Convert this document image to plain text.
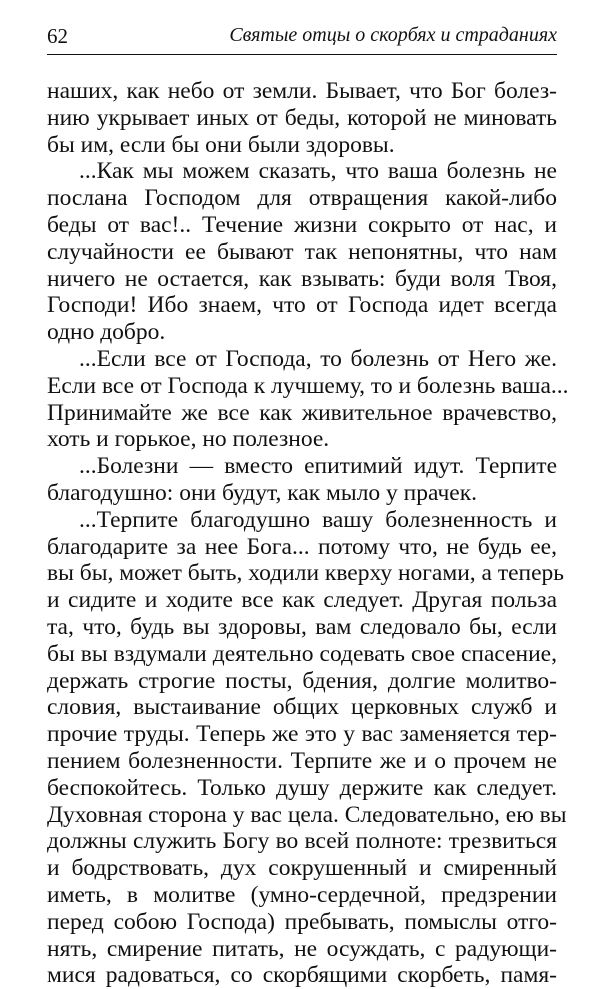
62	Святые отцы о скорбях и страданиях
наших, как небо от земли. Бывает, что Бог болез-
нию укрывает иных от беды, которой не миновать
бы им, если бы они были здоровы.
...Как мы можем сказать, что ваша болезнь не
послана Господом для отвращения какой-либо
беды от вас!.. Течение жизни сокрыто от нас, и
случайности ее бывают так непонятны, что нам
ничего не остается, как взывать: буди воля Твоя,
Господи! Ибо знаем, что от Господа идет всегда
одно добро.
...Если все от Господа, то болезнь от Него же.
Если все от Господа к лучшему, то и болезнь ваша...
Принимайте же все как живительное врачевство,
хоть и горькое, но полезное.
...Болезни — вместо епитимий идут. Терпите
благодушно: они будут, как мыло у прачек.
...Терпите благодушно вашу болезненность и
благодарите за нее Бога... потому что, не будь ее,
вы бы, может быть, ходили кверху ногами, а теперь
и сидите и ходите все как следует. Другая польза
та, что, будь вы здоровы, вам следовало бы, если
бы вы вздумали деятельно содевать свое спасение,
держать строгие посты, бдения, долгие молитво-
словия, выстаивание общих церковных служб и
прочие труды. Теперь же это у вас заменяется тер-
пением болезненности. Терпите же и о прочем не
беспокойтесь. Только душу держите как следует.
Духовная сторона у вас цела. Следовательно, ею вы
должны служить Богу во всей полноте: трезвиться
и бодрствовать, дух сокрушенный и смиренный
иметь, в молитве (умно-сердечной, предзрении
перед собою Господа) пребывать, помыслы отго-
нять, смирение питать, не осуждать, с радующи-
мися радоваться, со скорбящими скорбеть, памя-
